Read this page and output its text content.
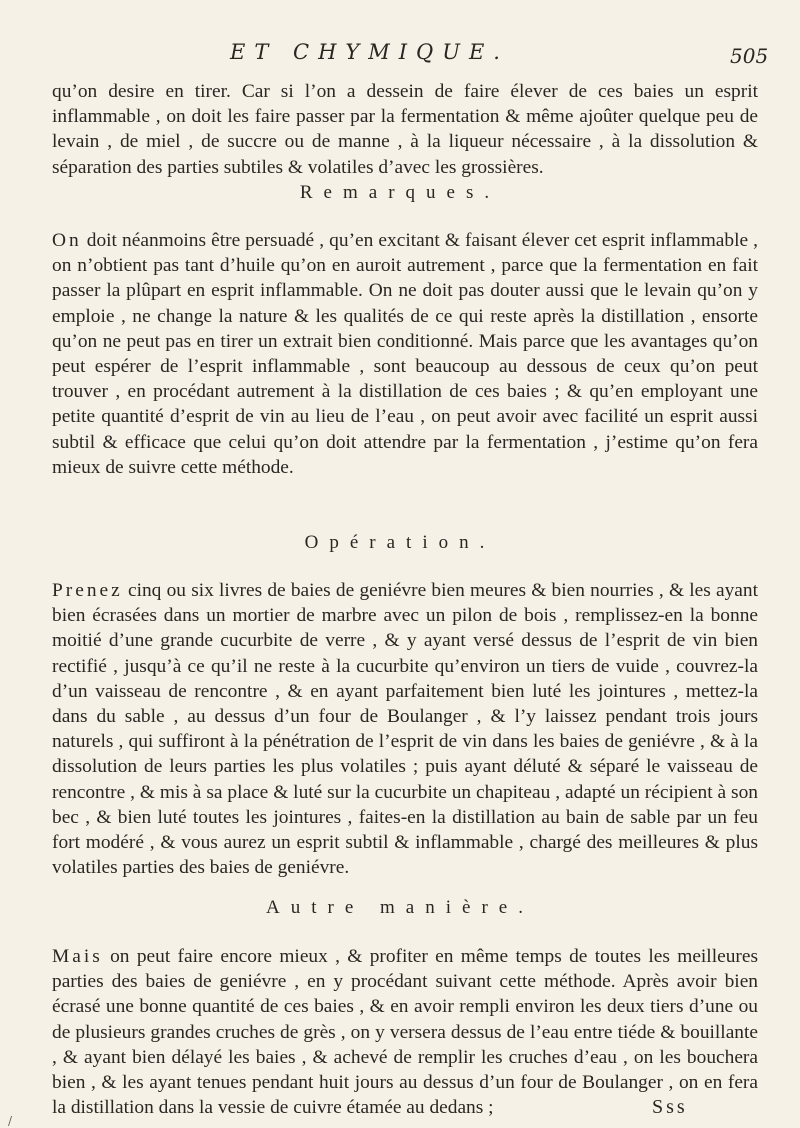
ET CHYMIQUE.	505
qu’on desire en tirer. Car si l’on a dessein de faire élever de ces baies un esprit inflammable , on doit les faire passer par la fermentation & même ajoûter quelque peu de levain , de miel , de succre ou de manne , à la liqueur nécessaire , à la dissolution & séparation des parties subtiles & volatiles d’avec les grossières.
Remarques.
On doit néanmoins être persuadé , qu’en excitant & faisant élever cet esprit inflammable , on n’obtient pas tant d’huile qu’on en auroit autrement , parce que la fermentation en fait passer la plûpart en esprit inflammable. On ne doit pas douter aussi que le levain qu’on y emploie , ne change la nature & les qualités de ce qui reste après la distillation , ensorte qu’on ne peut pas en tirer un extrait bien conditionné. Mais parce que les avantages qu’on peut espérer de l’esprit inflammable , sont beaucoup au dessous de ceux qu’on peut trouver , en procédant autrement à la distillation de ces baies ; & qu’en employant une petite quantité d’esprit de vin au lieu de l’eau , on peut avoir avec facilité un esprit aussi subtil & efficace que celui qu’on doit attendre par la fermentation , j’estime qu’on fera mieux de suivre cette méthode.
Opération.
Prenez cinq ou six livres de baies de geniévre bien meures & bien nourries , & les ayant bien écrasées dans un mortier de marbre avec un pilon de bois , remplissez-en la bonne moitié d’une grande cucurbite de verre , & y ayant versé dessus de l’esprit de vin bien rectifié , jusqu’à ce qu’il ne reste à la cucurbite qu’environ un tiers de vuide , couvrez-la d’un vaisseau de rencontre , & en ayant parfaitement bien luté les jointures , mettez-la dans du sable , au dessus d’un four de Boulanger , & l’y laissez pendant trois jours naturels , qui suffiront à la pénétration de l’esprit de vin dans les baies de geniévre , & à la dissolution de leurs parties les plus volatiles ; puis ayant déluté & séparé le vaisseau de rencontre , & mis à sa place & luté sur la cucurbite un chapiteau , adapté un récipient à son bec , & bien luté toutes les jointures , faites-en la distillation au bain de sable par un feu fort modéré , & vous aurez un esprit subtil & inflammable , chargé des meilleures & plus volatiles parties des baies de geniévre.
Autre manière.
Mais on peut faire encore mieux , & profiter en même temps de toutes les meilleures parties des baies de geniévre , en y procédant suivant cette méthode. Après avoir bien écrasé une bonne quantité de ces baies , & en avoir rempli environ les deux tiers d’une ou de plusieurs grandes cruches de grès , on y versera dessus de l’eau entre tiéde & bouillante , & ayant bien délayé les baies , & achevé de remplir les cruches d’eau , on les bouchera bien , & les ayant tenues pendant huit jours au dessus d’un four de Boulanger , on en fera la distillation dans la vessie de cuivre étamée au dedans ;	Sss
/
